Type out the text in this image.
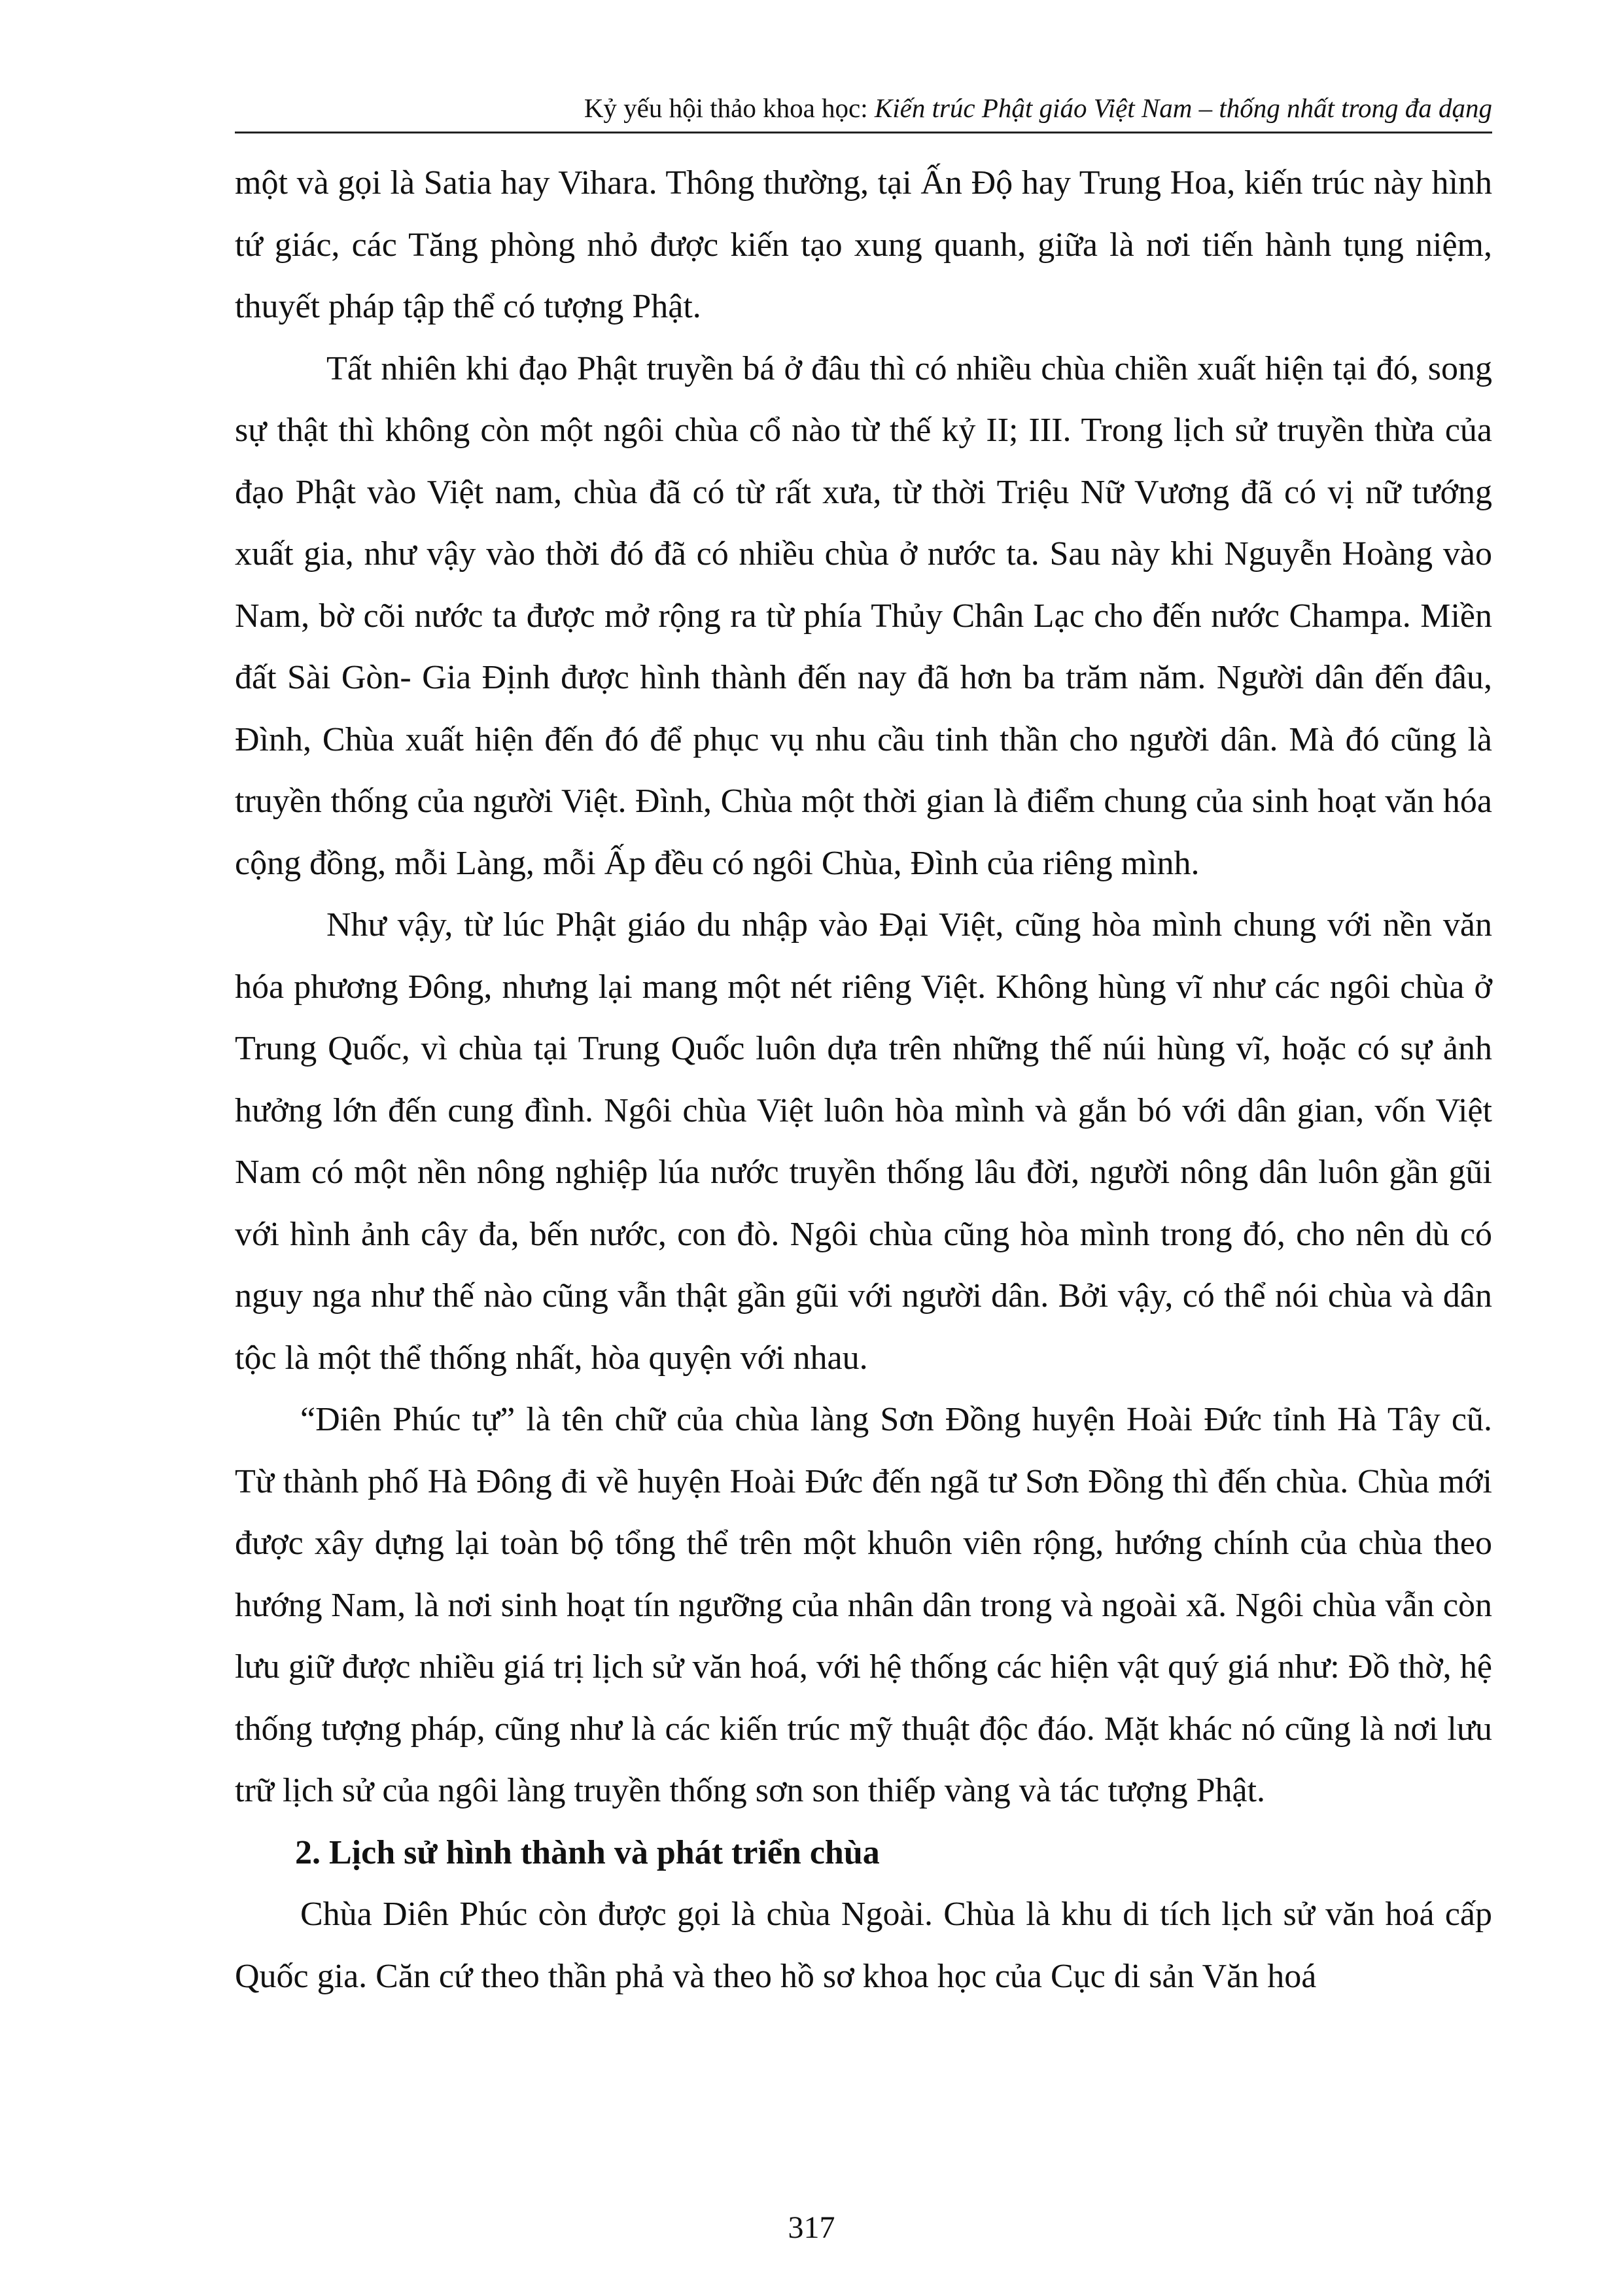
Kỷ yếu hội thảo khoa học: Kiến trúc Phật giáo Việt Nam – thống nhất trong đa dạng

một và gọi là Satia hay Vihara. Thông thường, tại Ấn Độ hay Trung Hoa, kiến trúc này hình tứ giác, các Tăng phòng nhỏ được kiến tạo xung quanh, giữa là nơi tiến hành tụng niệm, thuyết pháp tập thể có tượng Phật.

Tất nhiên khi đạo Phật truyền bá ở đâu thì có nhiều chùa chiền xuất hiện tại đó, song sự thật thì không còn một ngôi chùa cổ nào từ thế kỷ II; III. Trong lịch sử truyền thừa của đạo Phật vào Việt nam, chùa đã có từ rất xưa, từ thời Triệu Nữ Vương đã có vị nữ tướng xuất gia, như vậy vào thời đó đã có nhiều chùa ở nước ta. Sau này khi Nguyễn Hoàng vào Nam, bờ cõi nước ta được mở rộng ra từ phía Thủy Chân Lạc cho đến nước Champa. Miền đất Sài Gòn- Gia Định được hình thành đến nay đã hơn ba trăm năm. Người dân đến đâu, Đình, Chùa xuất hiện đến đó để phục vụ nhu cầu tinh thần cho người dân. Mà đó cũng là truyền thống của người Việt. Đình, Chùa một thời gian là điểm chung của sinh hoạt văn hóa cộng đồng, mỗi Làng, mỗi Ấp đều có ngôi Chùa, Đình của riêng mình.

Như vậy, từ lúc Phật giáo du nhập vào Đại Việt, cũng hòa mình chung với nền văn hóa phương Đông, nhưng lại mang một nét riêng Việt. Không hùng vĩ như các ngôi chùa ở Trung Quốc, vì chùa tại Trung Quốc luôn dựa trên những thế núi hùng vĩ, hoặc có sự ảnh hưởng lớn đến cung đình. Ngôi chùa Việt luôn hòa mình và gắn bó với dân gian, vốn Việt Nam có một nền nông nghiệp lúa nước truyền thống lâu đời, người nông dân luôn gần gũi với hình ảnh cây đa, bến nước, con đò. Ngôi chùa cũng hòa mình trong đó, cho nên dù có nguy nga như thế nào cũng vẫn thật gần gũi với người dân. Bởi vậy, có thể nói chùa và dân tộc là một thể thống nhất, hòa quyện với nhau.

“Diên Phúc tự” là tên chữ của chùa làng Sơn Đồng huyện Hoài Đức tỉnh Hà Tây cũ. Từ thành phố Hà Đông đi về huyện Hoài Đức đến ngã tư Sơn Đồng thì đến chùa. Chùa mới được xây dựng lại toàn bộ tổng thể trên một khuôn viên rộng, hướng chính của chùa theo hướng Nam, là nơi sinh hoạt tín ngưỡng của nhân dân trong và ngoài xã. Ngôi chùa vẫn còn lưu giữ được nhiều giá trị lịch sử văn hoá, với hệ thống các hiện vật quý giá như: Đồ thờ, hệ thống tượng pháp, cũng như là các kiến trúc mỹ thuật độc đáo. Mặt khác nó cũng là nơi lưu trữ lịch sử của ngôi làng truyền thống sơn son thiếp vàng và tác tượng Phật.

2. Lịch sử hình thành và phát triển chùa

Chùa Diên Phúc còn được gọi là chùa Ngoài. Chùa là khu di tích lịch sử văn hoá cấp Quốc gia. Căn cứ theo thần phả và theo hồ sơ khoa học của Cục di sản Văn hoá

317
